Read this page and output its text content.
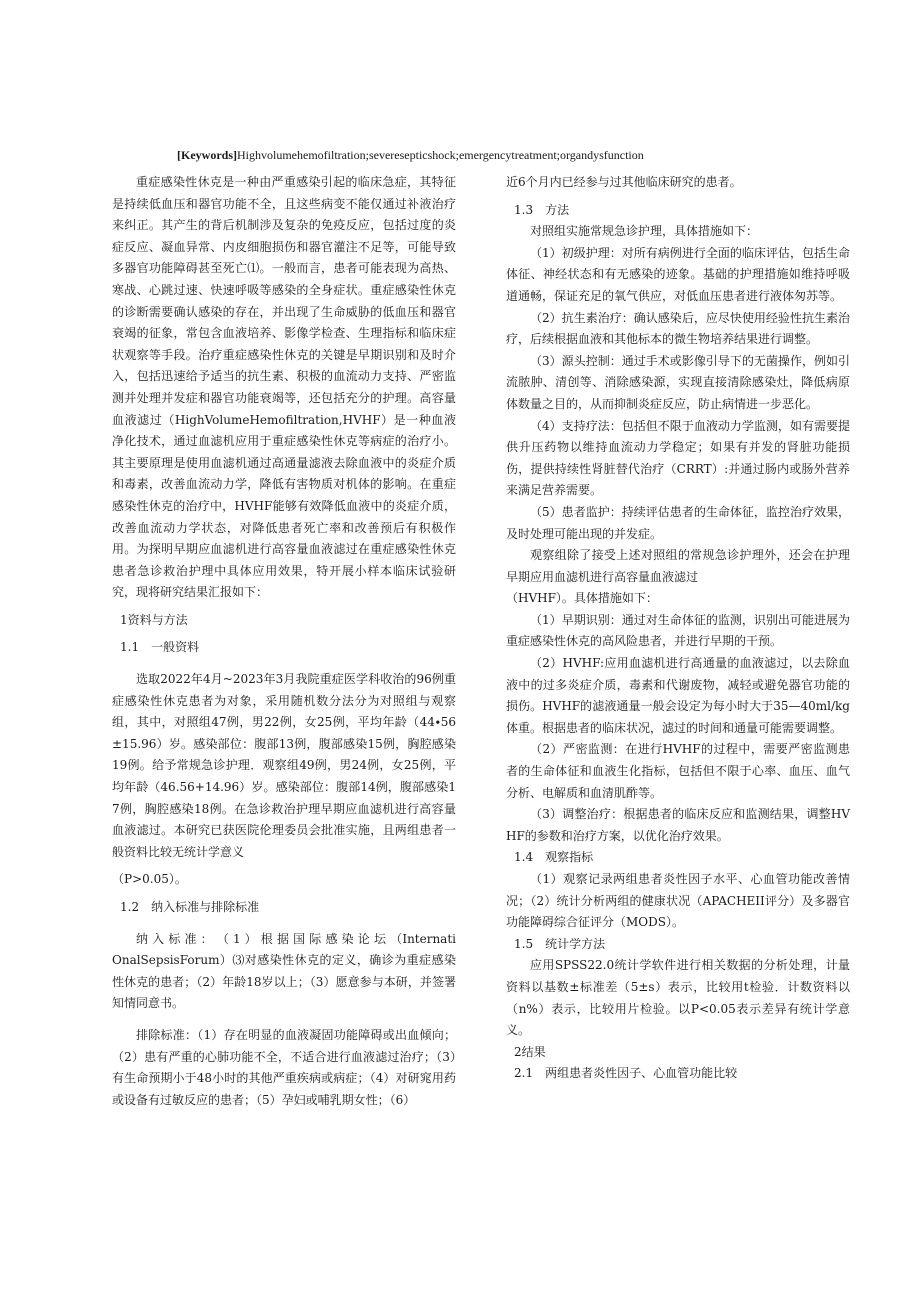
[Keywords]Highvolumehemofiltration;severesepticshock;emergencytreatment;organdysfunction

重症感染性休克是一种由严重感染引起的临床急症，其特征是持续低血压和器官功能不全，且这些病变不能仅通过补液治疗来纠正。其产生的背后机制涉及复杂的免疫反应，包括过度的炎症反应、凝血异常、内皮细胞损伤和器官灌注不足等，可能导致多器官功能障碍甚至死亡⑴。一般而言，患者可能表现为高热、寒战、心跳过速、快速呼吸等感染的全身症状。重症感染性休克的诊断需要确认感染的存在，并出现了生命威胁的低血压和器官衰竭的征象，常包含血液培养、影像学检查、生理指标和临床症状观察等手段。治疗重症感染性休克的关键是早期识别和及时介入，包括迅速给予适当的抗生素、积极的血流动力支持、严密监测并处理并发症和器官功能衰竭等，还包括充分的护理。高容量血液滤过（HighVolumeHemofiltration,HVHF）是一种血液净化技术，通过血滤机应用于重症感染性休克等病症的治疗小。其主要原理是使用血滤机通过高通量滤液去除血液中的炎症介质和毒素，改善血流动力学，降低有害物质对机体的影响。在重症感染性休克的治疗中，HVHF能够有效降低血液中的炎症介质，改善血流动力学状态，对降低患者死亡率和改善预后有积极作用。为探明早期应血滤机进行高容量血液滤过在重症感染性休克患者急诊救治护理中具体应用效果，特开展小样本临床试验研究，现将研究结果汇报如下：

1资料与方法

1.1　一般资料

选取2022年4月~2023年3月我院重症医学科收治的96例重症感染性休克患者为对象，采用随机数分法分为对照组与观察组，其中，对照组47例，男22例，女25例，平均年龄（44∙56±15.96）岁。感染部位：腹部13例，腹部感染15例，胸腔感染19例。给予常规急诊护理．观察组49例，男24例，女25例，平均年龄（46.56+14.96）岁。感染部位：腹部14例，腹部感染17例，胸腔感染18例。在急诊救治护理早期应血滤机进行高容量血液滤过。本研究已获医院伦理委员会批准实施，且两组患者一般资料比较无统计学意义

（P>0.05）。

1.2　纳入标准与排除标准

纳 入 标 准 ： （ 1 ） 根 据 国 际 感 染 论 坛 （InternatiOnalSepsisForum）⑶对感染性休克的定义，确诊为重症感染性休克的患者；（2）年龄18岁以上；（3）愿意参与本研，并签署知情同意书。

排除标准：（1）存在明显的血液凝固功能障碍或出血倾向；（2）患有严重的心肺功能不全，不适合进行血液滤过治疗；（3）有生命预期小于48小时的其他严重疾病或病症；（4）对研窕用药或设备有过敏反应的患者；（5）孕妇或哺乳期女性；（6）

近6个月内已经参与过其他临床研究的患者。

1.3　方法

对照组实施常规急诊护理，具体措施如下：

（1）初级护理：对所有病例进行全面的临床评估，包括生命体征、神经状态和有无感染的迹象。基础的护理措施如维持呼吸道通畅，保证充足的氧气供应，对低血压患者进行液体匆苏等。

（2）抗生素治疗：确认感染后，应尽快使用经验性抗生素治疗，后续根据血液和其他标本的微生物培养结果进行调整。

（3）源头控制：通过手术或影像引导下的无菌操作，例如引流脓肿、清创等、消除感染源，实现直接清除感染灶，降低病原体数量之目的，从而抑制炎症反应，防止病情进一步恶化。

（4）支持疗法：包括但不限于血液动力学监测，如有需要提供升压药物以维持血流动力学稳定；如果有并发的肾脏功能损伤，提供持续性肾脏替代治疗（CRRT）:并通过肠内或肠外营养来满足营养需要。

（5）患者监护：持续评估患者的生命体征，监控治疗效果，及时处理可能出现的并发症。

观察组除了接受上述对照组的常规急诊护理外，还会在护理早期应用血滤机进行高容量血液滤过

（HVHF）。具体措施如下：

（1）早期识别：通过对生命体征的监测，识别出可能进展为重症感染性休克的高风险患者，并进行早期的干预。

（2）HVHF:应用血滤机进行高通量的血液滤过，以去除血液中的过多炎症介质，毒素和代谢废物，减轻或避免器官功能的损伤。HVHF的滤液通量一般会设定为每小时大于35—40ml∕kg体重。根据患者的临床状况，滤过的时间和通量可能需要调整。

（2）严密监测：在进行HVHF的过程中，需要严密监测患者的生命体征和血液生化指标，包括但不限于心率、血压、血气分析、电解质和血清肌酢等。

（3）调整治疗：根据患者的临床反应和监测结果，调整HVHF的参数和治疗方案，以优化治疗效果。

1.4　观察指标

（1）观察记录两组患者炎性因子水平、心血管功能改善情况；（2）统计分析两组的健康状况（APACHEII评分）及多器官功能障碍综合征评分（MODS）。

1.5　统计学方法

应用SPSS22.0统计学软件进行相关数据的分析处理，计量资料以基数±标准差（5±s）表示，比较用t检验．计数资料以（n%）表示，比较用片检验。以P<0.05表示差异有统计学意义。

2结果

2.1　两组患者炎性因子、心血管功能比较
